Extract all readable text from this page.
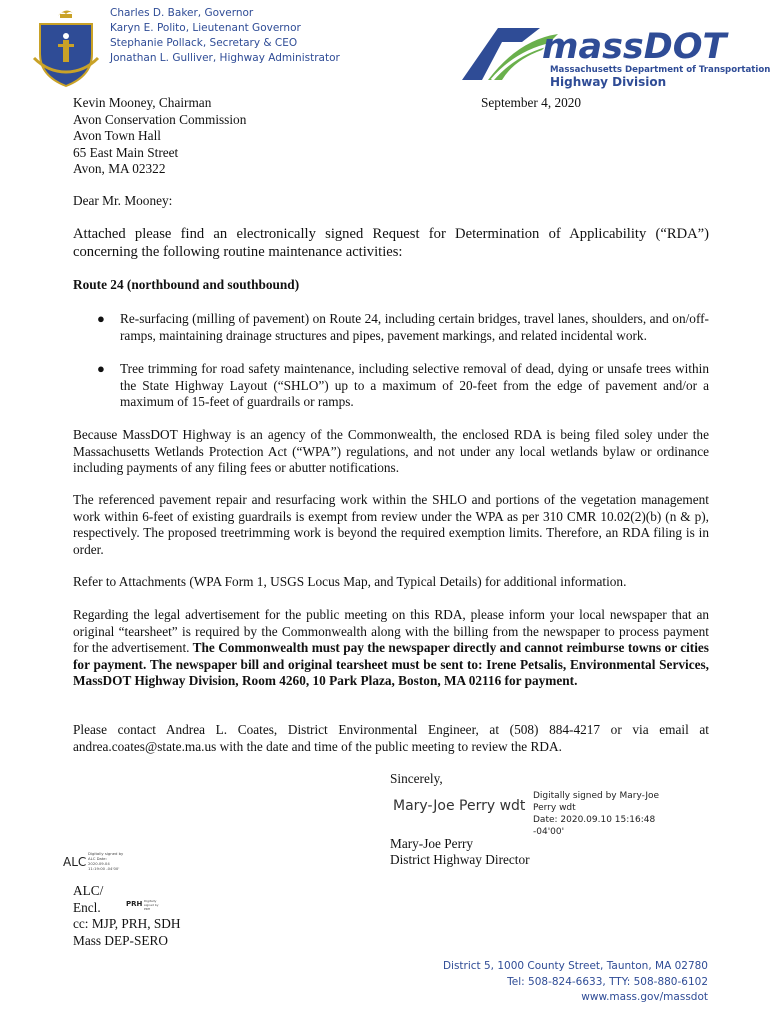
Charles D. Baker, Governor
Karyn E. Polito, Lieutenant Governor
Stephanie Pollack, Secretary & CEO
Jonathan L. Gulliver, Highway Administrator	massDOT
Massachusetts Department of Transportation
Highway Division
Kevin Mooney, Chairman
Avon Conservation Commission
Avon Town Hall
65 East Main Street
Avon, MA 02322
September 4, 2020
Dear Mr. Mooney:
Attached please find an electronically signed Request for Determination of Applicability (“RDA”) concerning the following routine maintenance activities:
Route 24 (northbound and southbound)
● Re-surfacing (milling of pavement) on Route 24, including certain bridges, travel lanes, shoulders, and on/off-ramps, maintaining drainage structures and pipes, pavement markings, and related incidental work.
● Tree trimming for road safety maintenance, including selective removal of dead, dying or unsafe trees within the State Highway Layout (“SHLO”) up to a maximum of 20-feet from the edge of pavement and/or a maximum of 15-feet of guardrails or ramps.
Because MassDOT Highway is an agency of the Commonwealth, the enclosed RDA is being filed soley under the Massachusetts Wetlands Protection Act (“WPA”) regulations, and not under any local wetlands bylaw or ordinance including payments of any filing fees or abutter notifications.
The referenced pavement repair and resurfacing work within the SHLO and portions of the vegetation management work within 6-feet of existing guardrails is exempt from review under the WPA as per 310 CMR 10.02(2)(b) (n & p), respectively. The proposed treetrimming work is beyond the required exemption limits. Therefore, an RDA filing is in order.
Refer to Attachments (WPA Form 1, USGS Locus Map, and Typical Details) for additional information.
Regarding the legal advertisement for the public meeting on this RDA, please inform your local newspaper that an original “tearsheet” is required by the Commonwealth along with the billing from the newspaper to process payment for the advertisement. The Commonwealth must pay the newspaper directly and cannot reimburse towns or cities for payment. The newspaper bill and original tearsheet must be sent to: Irene Petsalis, Environmental Services, MassDOT Highway Division, Room 4260, 10 Park Plaza, Boston, MA 02116 for payment.
Please contact Andrea L. Coates, District Environmental Engineer, at (508) 884-4217 or via email at andrea.coates@state.ma.us with the date and time of the public meeting to review the RDA.
Sincerely,
Mary-Joe Perry wdt
Digitally signed by Mary-Joe
Perry wdt
Date: 2020.09.10 15:16:48 -04'00'
Mary-Joe Perry
District Highway Director
ALC
Digitally signed by ALC Date: 2020.09.04 11:19:00 -04'00'
ALC/
Encl.
cc: MJP, PRH, SDH
Mass DEP-SERO
PRH Digitally signed by PRH
District 5, 1000 County Street, Taunton, MA 02780
Tel: 508-824-6633, TTY: 508-880-6102
www.mass.gov/massdot
